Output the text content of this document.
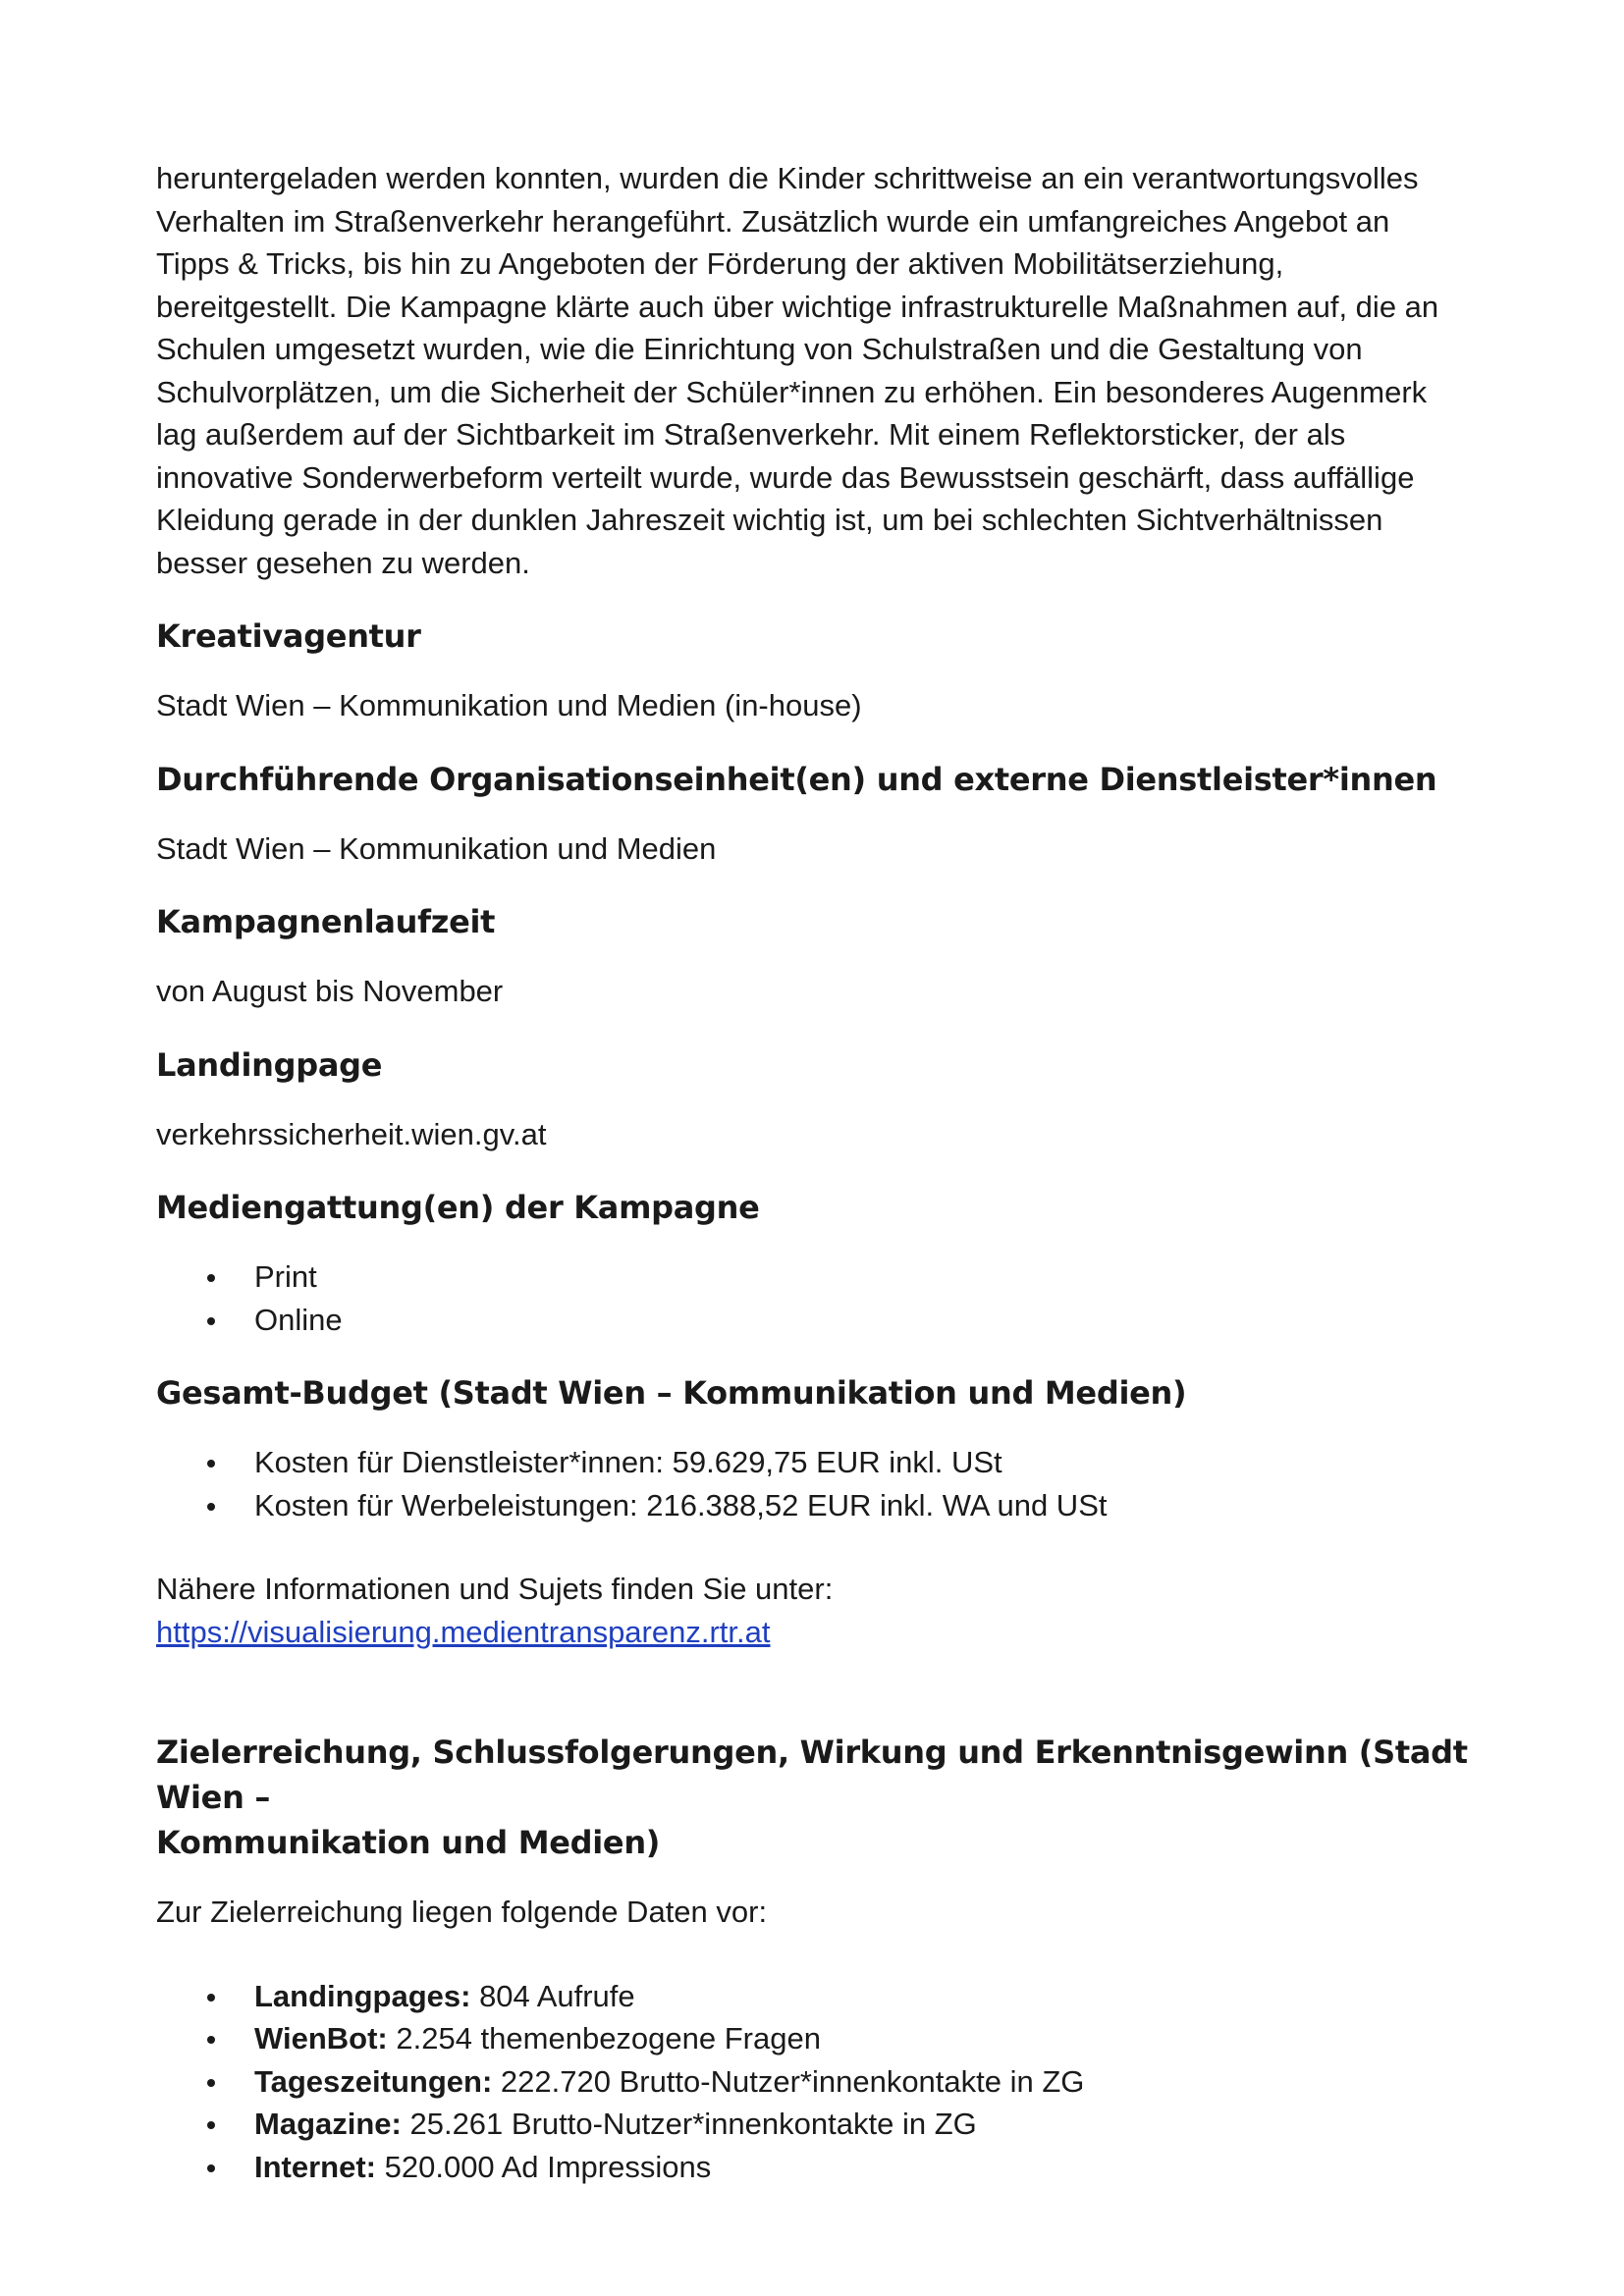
heruntergeladen werden konnten, wurden die Kinder schrittweise an ein verantwortungsvolles
Verhalten im Straßenverkehr herangeführt. Zusätzlich wurde ein umfangreiches Angebot an
Tipps & Tricks, bis hin zu Angeboten der Förderung der aktiven Mobilitätserziehung,
bereitgestellt. Die Kampagne klärte auch über wichtige infrastrukturelle Maßnahmen auf, die an
Schulen umgesetzt wurden, wie die Einrichtung von Schulstraßen und die Gestaltung von
Schulvorplätzen, um die Sicherheit der Schüler*innen zu erhöhen. Ein besonderes Augenmerk
lag außerdem auf der Sichtbarkeit im Straßenverkehr. Mit einem Reflektorsticker, der als
innovative Sonderwerbeform verteilt wurde, wurde das Bewusstsein geschärft, dass auffällige
Kleidung gerade in der dunklen Jahreszeit wichtig ist, um bei schlechten Sichtverhältnissen
besser gesehen zu werden.

Kreativagentur

Stadt Wien – Kommunikation und Medien (in-house)

Durchführende Organisationseinheit(en) und externe Dienstleister*innen

Stadt Wien – Kommunikation und Medien

Kampagnenlaufzeit

von August bis November

Landingpage

verkehrssicherheit.wien.gv.at

Mediengattung(en) der Kampagne
Print
Online
Gesamt-Budget (Stadt Wien – Kommunikation und Medien)
Kosten für Dienstleister*innen: 59.629,75 EUR inkl. USt
Kosten für Werbeleistungen: 216.388,52 EUR inkl. WA und USt

Nähere Informationen und Sujets finden Sie unter:

https://visualisierung.medientransparenz.rtr.at

Zielerreichung, Schlussfolgerungen, Wirkung und Erkenntnisgewinn (Stadt Wien –
Kommunikation und Medien)

Zur Zielerreichung liegen folgende Daten vor:

Landingpages: 804 Aufrufe
WienBot: 2.254 themenbezogene Fragen
Tageszeitungen: 222.720 Brutto-Nutzer*innenkontakte in ZG
Magazine: 25.261 Brutto-Nutzer*innenkontakte in ZG
Internet: 520.000 Ad Impressions
